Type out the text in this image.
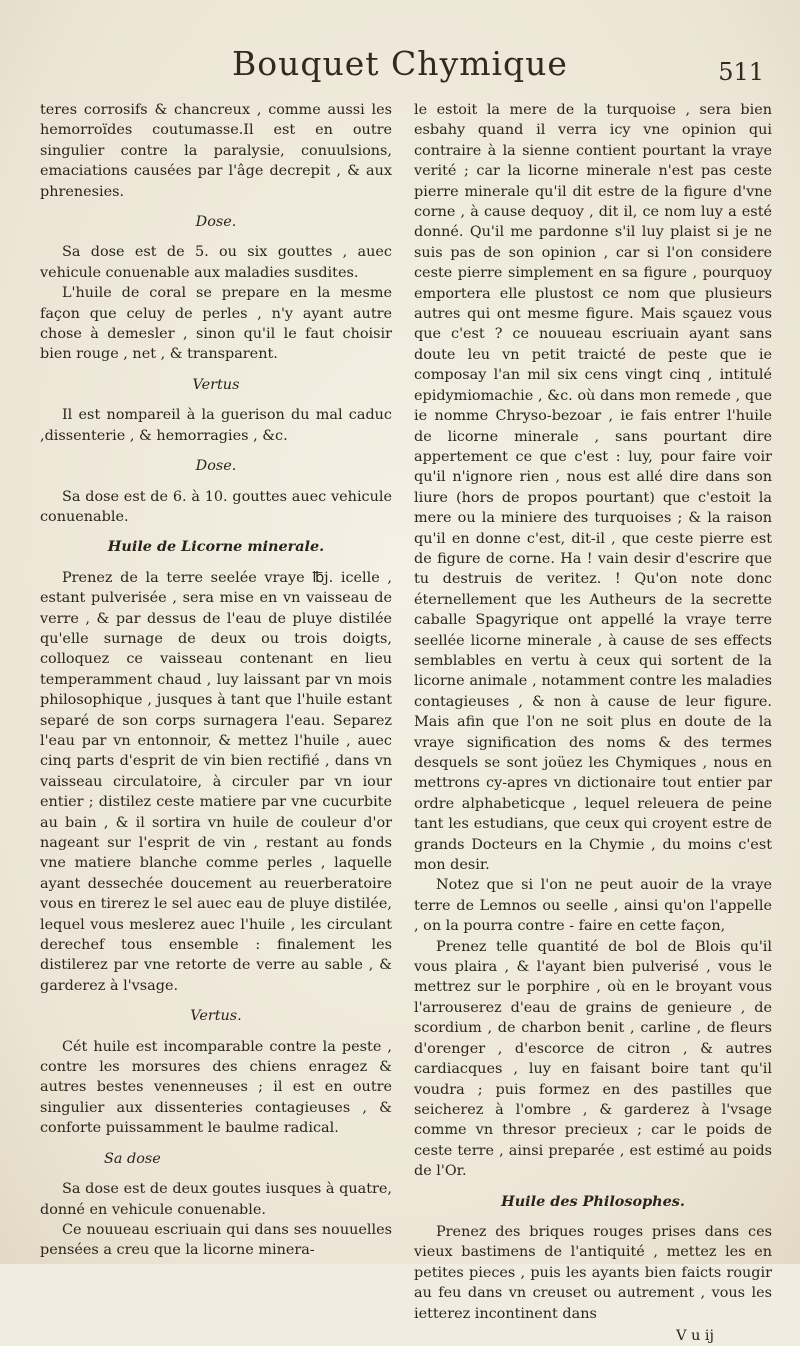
Bouquet Chymique	511

teres corrosifs & chancreux , comme aussi les hemorroïdes coutumasse.Il est en outre singulier contre la paralysie, conuulsions, emaciations causées par l'âge decrepit , & aux phrenesies.

Dose.

Sa dose est de 5. ou six gouttes , auec vehicule conuenable aux maladies susdites.

L'huile de coral se prepare en la mesme façon que celuy de perles , n'y ayant autre chose à demesler , sinon qu'il le faut choisir bien rouge , net , & transparent.

Vertus

Il est nompareil à la guerison du mal caduc ,dissenterie , & hemorragies , &c.

Dose.

Sa dose est de 6. à 10. gouttes auec vehicule conuenable.

Huile de Licorne minerale.

Prenez de la terre seelée vraye ℔j. icelle , estant pulverisée , sera mise en vn vaisseau de verre , & par dessus de l'eau de pluye distilée qu'elle surnage de deux ou trois doigts, colloquez ce vaisseau contenant en lieu temperamment chaud , luy laissant par vn mois philosophique , jusques à tant que l'huile estant separé de son corps surnagera l'eau. Separez l'eau par vn entonnoir, & mettez l'huile , auec cinq parts d'esprit de vin bien rectifié , dans vn vaisseau circulatoire, à circuler par vn iour entier ; distilez ceste matiere par vne cucurbite au bain , & il sortira vn huile de couleur d'or nageant sur l'esprit de vin , restant au fonds vne matiere blanche comme perles , laquelle ayant dessechée doucement au reuerberatoire vous en tirerez le sel auec eau de pluye distilée, lequel vous meslerez auec l'huile , les circulant derechef tous ensemble : finalement les distilerez par vne retorte de verre au sable , & garderez à l'vsage.

Vertus.

Cét huile est incomparable contre la peste , contre les morsures des chiens enragez & autres bestes venenneuses ; il est en outre singulier aux dissenteries contagieuses , & conforte puissamment le baulme radical.

Sa dose

Sa dose est de deux goutes iusques à quatre, donné en vehicule conuenable.

Ce nouueau escriuain qui dans ses nouuelles pensées a creu que la licorne minera-

le estoit la mere de la turquoise , sera bien esbahy quand il verra icy vne opinion qui contraire à la sienne contient pourtant la vraye verité ; car la licorne minerale n'est pas ceste pierre minerale qu'il dit estre de la figure d'vne corne , à cause dequoy , dit il, ce nom luy a esté donné. Qu'il me pardonne s'il luy plaist si je ne suis pas de son opinion , car si l'on considere ceste pierre simplement en sa figure , pourquoy emportera elle plustost ce nom que plusieurs autres qui ont mesme figure. Mais sçauez vous que c'est ? ce nouueau escriuain ayant sans doute leu vn petit traicté de peste que ie composay l'an mil six cens vingt cinq , intitulé epidymiomachie , &c. où dans mon remede , que ie nomme Chryso-bezoar , ie fais entrer l'huile de licorne minerale , sans pourtant dire appertement ce que c'est : luy, pour faire voir qu'il n'ignore rien , nous est allé dire dans son liure (hors de propos pourtant) que c'estoit la mere ou la miniere des turquoises ; & la raison qu'il en donne c'est, dit-il , que ceste pierre est de figure de corne. Ha ! vain desir d'escrire que tu destruis de veritez. ! Qu'on note donc éternellement que les Autheurs de la secrette caballe Spagyrique ont appellé la vraye terre seellée licorne minerale , à cause de ses effects semblables en vertu à ceux qui sortent de la licorne animale , notamment contre les maladies contagieuses , & non à cause de leur figure. Mais afin que l'on ne soit plus en doute de la vraye signification des noms & des termes desquels se sont joüez les Chymiques , nous en mettrons cy-apres vn dictionaire tout entier par ordre alphabeticque , lequel releuera de peine tant les estudians, que ceux qui croyent estre de grands Docteurs en la Chymie , du moins c'est mon desir.

Notez que si l'on ne peut auoir de la vraye terre de Lemnos ou seelle , ainsi qu'on l'appelle , on la pourra contre - faire en cette façon,

Prenez telle quantité de bol de Blois qu'il vous plaira , & l'ayant bien pulverisé , vous le mettrez sur le porphire , où en le broyant vous l'arrouserez d'eau de grains de genieure , de scordium , de charbon benit , carline , de fleurs d'orenger , d'escorce de citron , & autres cardiacques , luy en faisant boire tant qu'il voudra ; puis formez en des pastilles que seicherez à l'ombre , & garderez à l'vsage comme vn thresor precieux ; car le poids de ceste terre , ainsi preparée , est estimé au poids de l'Or.

Huile des Philosophes.

Prenez des briques rouges prises dans ces vieux bastimens de l'antiquité , mettez les en petites pieces , puis les ayants bien faicts rougir au feu dans vn creuset ou autrement , vous les ietterez incontinent dans

V u ij
